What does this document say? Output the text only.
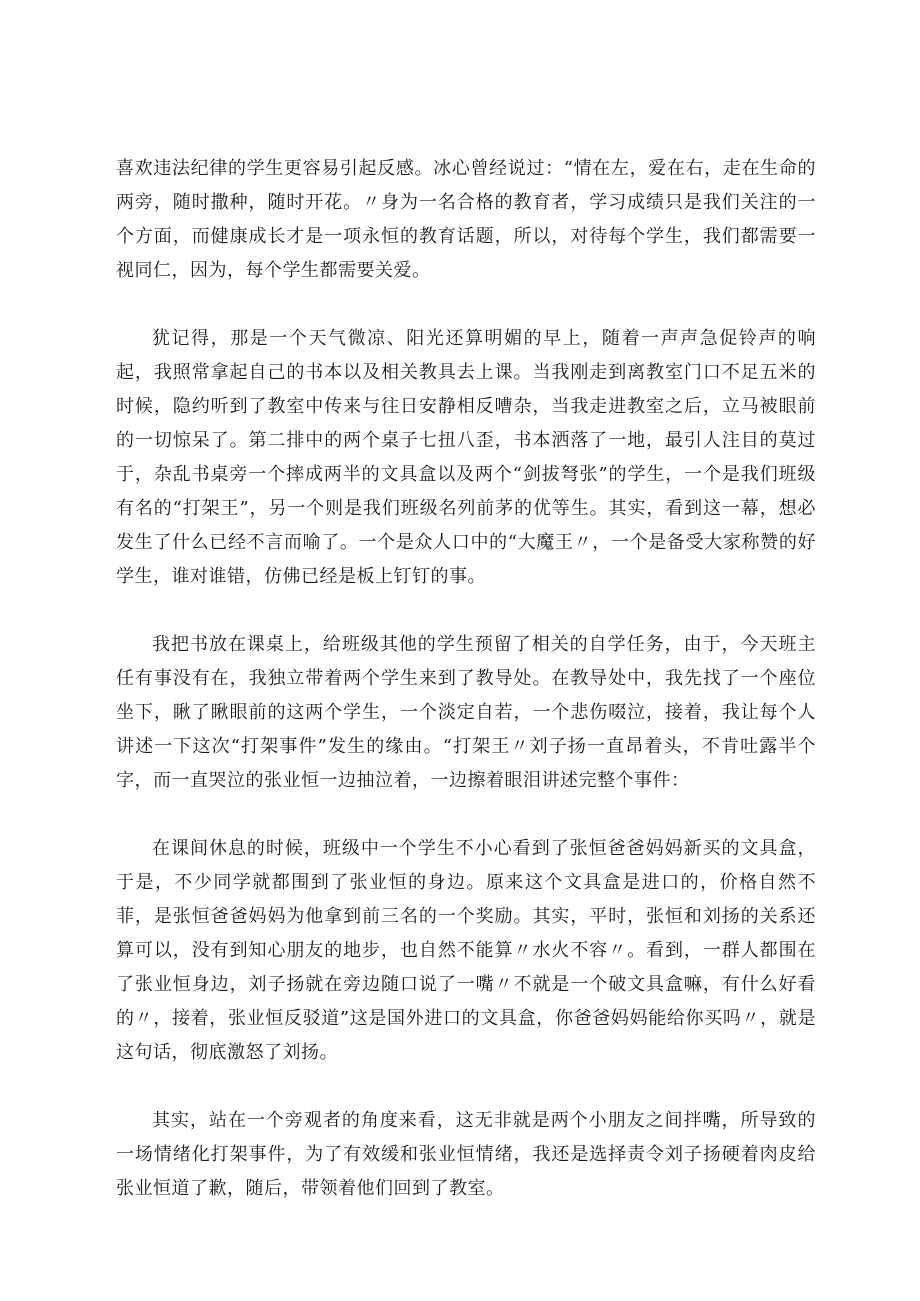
喜欢违法纪律的学生更容易引起反感。冰心曾经说过：“情在左，爱在右，走在生命的两旁，随时撒种，随时开花。〃身为一名合格的教育者，学习成绩只是我们关注的一个方面，而健康成长才是一项永恒的教育话题，所以，对待每个学生，我们都需要一视同仁，因为，每个学生都需要关爱。

犹记得，那是一个天气微凉、阳光还算明媚的早上，随着一声声急促铃声的响起，我照常拿起自己的书本以及相关教具去上课。当我刚走到离教室门口不足五米的时候，隐约听到了教室中传来与往日安静相反嘈杂，当我走进教室之后，立马被眼前的一切惊呆了。第二排中的两个桌子七扭八歪，书本洒落了一地，最引人注目的莫过于，杂乱书桌旁一个摔成两半的文具盒以及两个“剑拔弩张”的学生，一个是我们班级有名的“打架王”，另一个则是我们班级名列前茅的优等生。其实，看到这一幕，想必发生了什么已经不言而喻了。一个是众人口中的“大魔王〃，一个是备受大家称赞的好学生，谁对谁错，仿佛已经是板上钉钉的事。

我把书放在课桌上，给班级其他的学生预留了相关的自学任务，由于，今天班主任有事没有在，我独立带着两个学生来到了教导处。在教导处中，我先找了一个座位坐下，瞅了瞅眼前的这两个学生，一个淡定自若，一个悲伤啜泣，接着，我让每个人讲述一下这次“打架事件”发生的缘由。“打架王〃刘子扬一直昂着头，不肯吐露半个字，而一直哭泣的张业恒一边抽泣着，一边擦着眼泪讲述完整个事件：

在课间休息的时候，班级中一个学生不小心看到了张恒爸爸妈妈新买的文具盒，于是，不少同学就都围到了张业恒的身边。原来这个文具盒是进口的，价格自然不菲，是张恒爸爸妈妈为他拿到前三名的一个奖励。其实，平时，张恒和刘扬的关系还算可以，没有到知心朋友的地步，也自然不能算〃水火不容〃。看到，一群人都围在了张业恒身边，刘子扬就在旁边随口说了一嘴〃不就是一个破文具盒嘛，有什么好看的〃，接着，张业恒反驳道”这是国外进口的文具盒，你爸爸妈妈能给你买吗〃，就是这句话，彻底激怒了刘扬。

其实，站在一个旁观者的角度来看，这无非就是两个小朋友之间拌嘴，所导致的一场情绪化打架事件，为了有效缓和张业恒情绪，我还是选择责令刘子扬硬着肉皮给张业恒道了歉，随后，带领着他们回到了教室。
